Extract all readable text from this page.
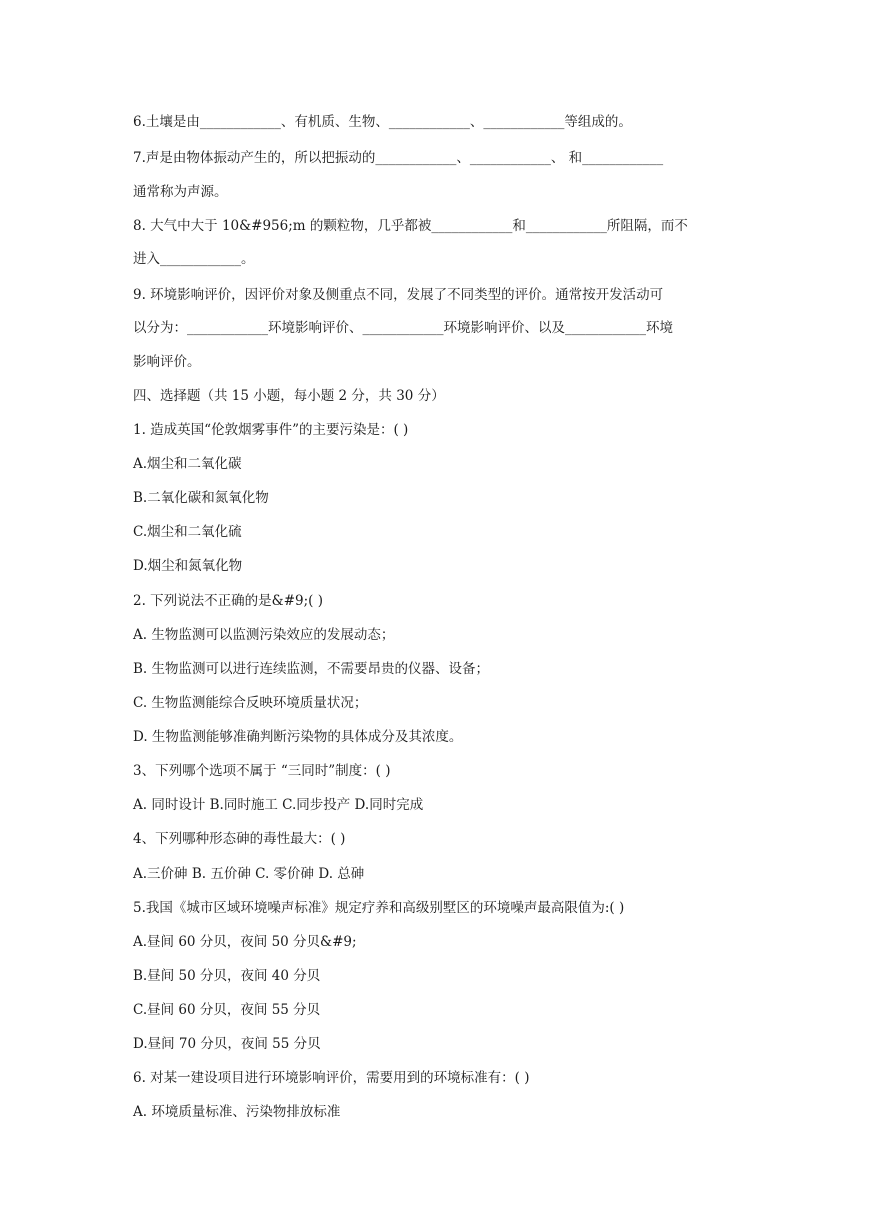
6.土壤是由____________、有机质、生物、____________、____________等组成的。
7.声是由物体振动产生的，所以把振动的____________、____________、 和____________
通常称为声源。
8. 大气中大于 10&#956;m 的颗粒物，几乎都被____________和____________所阻隔，而不
进入____________。
9. 环境影响评价，因评价对象及侧重点不同，发展了不同类型的评价。通常按开发活动可
以分为：____________环境影响评价、____________环境影响评价、以及____________环境
影响评价。
四、选择题（共 15 小题，每小题 2 分，共 30 分）
1. 造成英国“伦敦烟雾事件”的主要污染是：( )
A.烟尘和二氧化碳
B.二氧化碳和氮氧化物
C.烟尘和二氧化硫
D.烟尘和氮氧化物
2. 下列说法不正确的是&#9;( )
A. 生物监测可以监测污染效应的发展动态；
B. 生物监测可以进行连续监测，不需要昂贵的仪器、设备；
C. 生物监测能综合反映环境质量状况；
D. 生物监测能够准确判断污染物的具体成分及其浓度。
3、下列哪个选项不属于 “三同时”制度：( )
A. 同时设计 B.同时施工 C.同步投产 D.同时完成
4、下列哪种形态砷的毒性最大：( )
A.三价砷 B. 五价砷 C. 零价砷 D. 总砷
5.我国《城市区域环境噪声标准》规定疗养和高级别墅区的环境噪声最高限值为:( )
A.昼间 60 分贝，夜间 50 分贝&#9;
B.昼间 50 分贝，夜间 40 分贝
C.昼间 60 分贝，夜间 55 分贝
D.昼间 70 分贝，夜间 55 分贝
6. 对某一建设项目进行环境影响评价，需要用到的环境标准有：( )
A. 环境质量标准、污染物排放标准
